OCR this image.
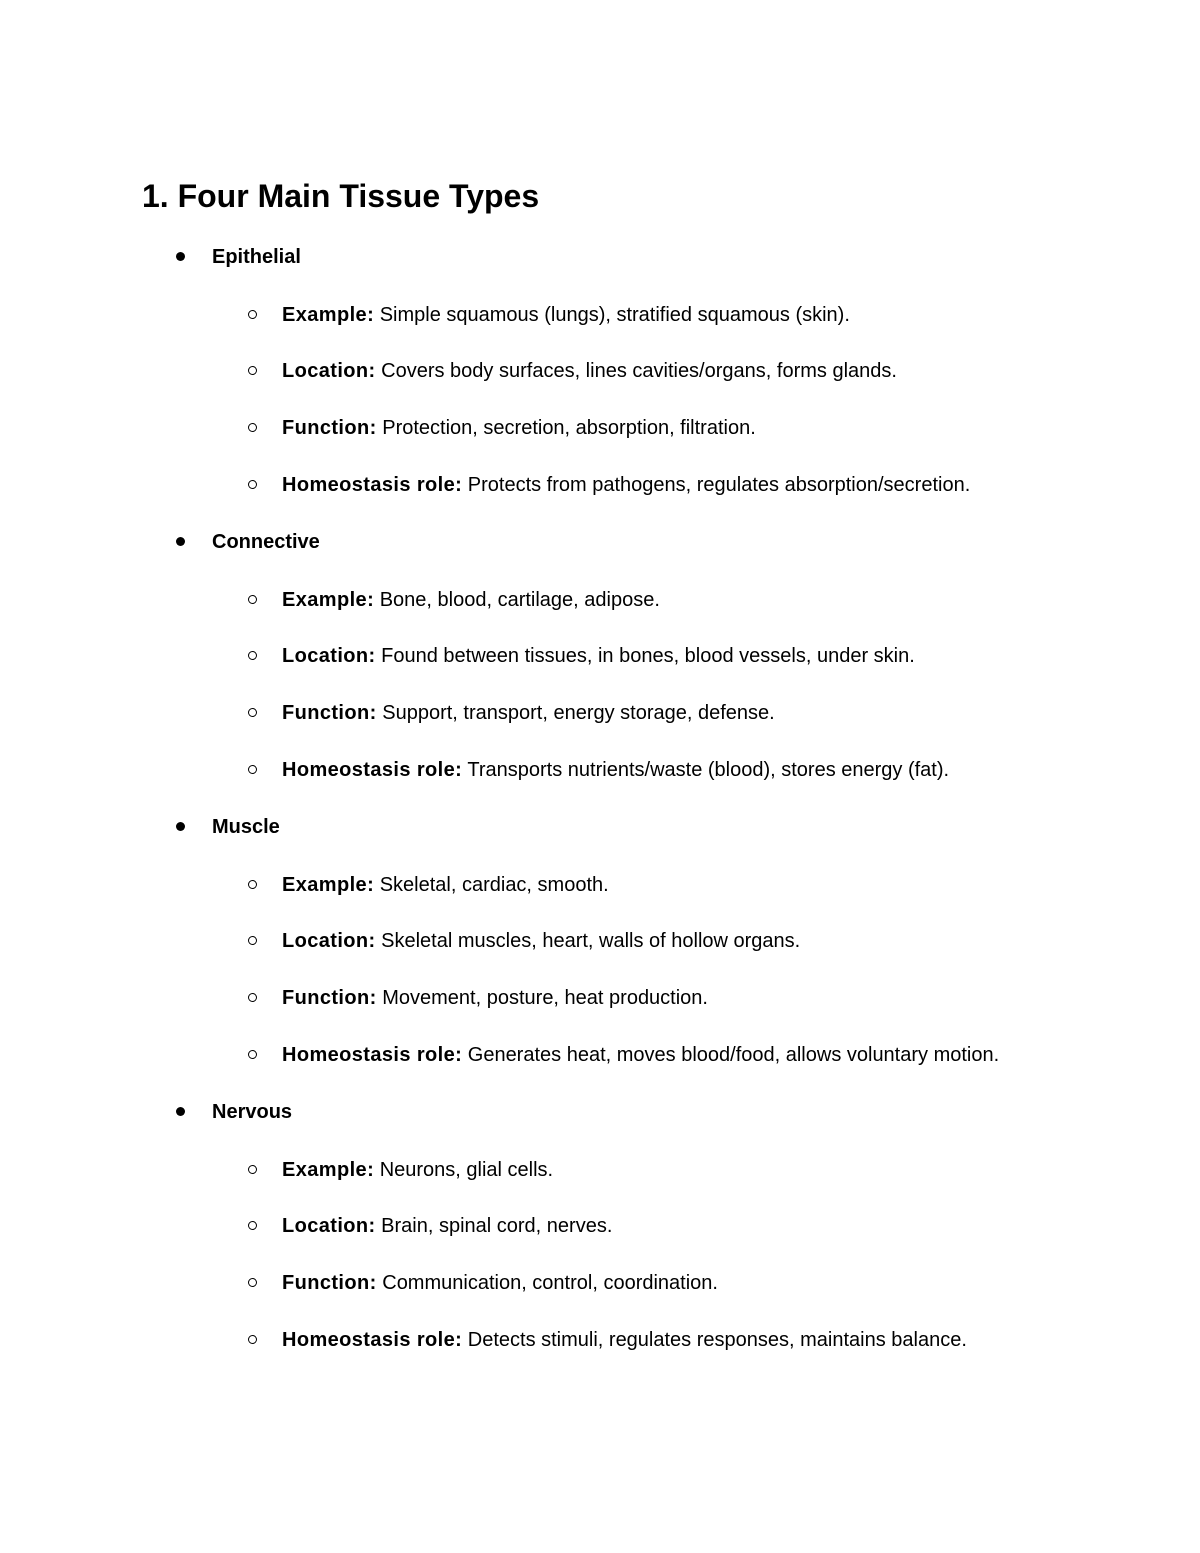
1. Four Main Tissue Types
Epithelial
Example: Simple squamous (lungs), stratified squamous (skin).
Location: Covers body surfaces, lines cavities/organs, forms glands.
Function: Protection, secretion, absorption, filtration.
Homeostasis role: Protects from pathogens, regulates absorption/secretion.
Connective
Example: Bone, blood, cartilage, adipose.
Location: Found between tissues, in bones, blood vessels, under skin.
Function: Support, transport, energy storage, defense.
Homeostasis role: Transports nutrients/waste (blood), stores energy (fat).
Muscle
Example: Skeletal, cardiac, smooth.
Location: Skeletal muscles, heart, walls of hollow organs.
Function: Movement, posture, heat production.
Homeostasis role: Generates heat, moves blood/food, allows voluntary motion.
Nervous
Example: Neurons, glial cells.
Location: Brain, spinal cord, nerves.
Function: Communication, control, coordination.
Homeostasis role: Detects stimuli, regulates responses, maintains balance.
